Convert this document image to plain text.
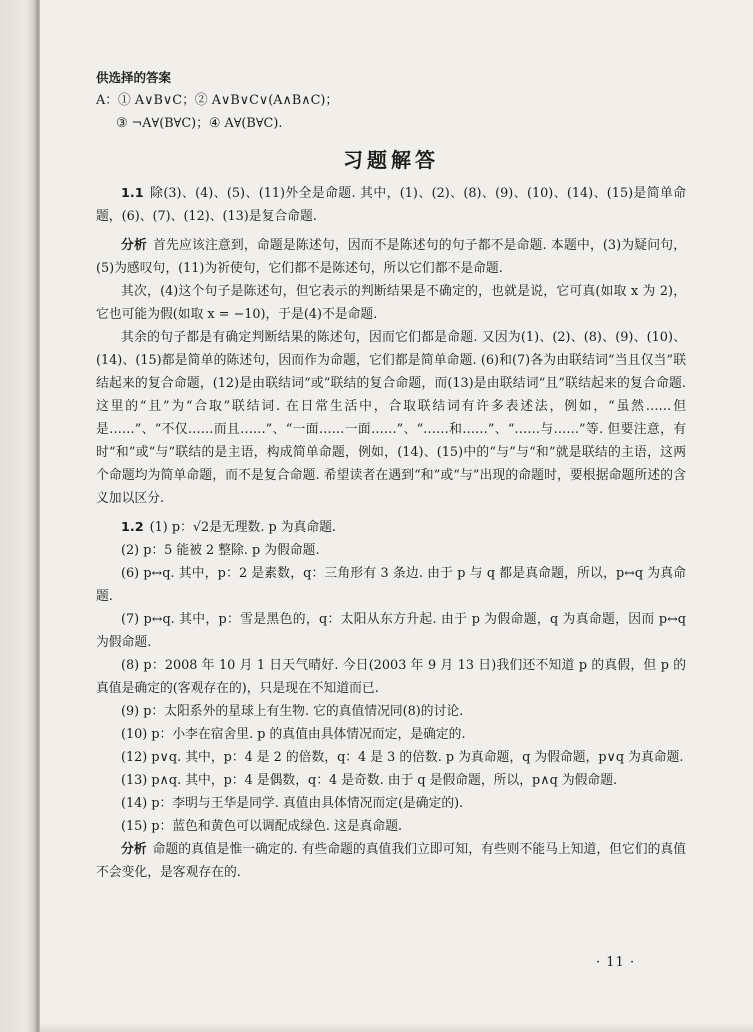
供选择的答案

A：① A∨B∨C；② A∨B∨C∨(A∧B∧C)；

③ ¬A∀(B∀C)；④ A∀(B∀C).

习题解答

1.1 除(3)、(4)、(5)、(11)外全是命题. 其中，(1)、(2)、(8)、(9)、(10)、(14)、(15)是简单命题，(6)、(7)、(12)、(13)是复合命题.

分析 首先应该注意到，命题是陈述句，因而不是陈述句的句子都不是命题. 本题中，(3)为疑问句，(5)为感叹句，(11)为祈使句，它们都不是陈述句，所以它们都不是命题.

其次，(4)这个句子是陈述句，但它表示的判断结果是不确定的，也就是说，它可真(如取 x 为 2)，它也可能为假(如取 x = −10)，于是(4)不是命题.

其余的句子都是有确定判断结果的陈述句，因而它们都是命题. 又因为(1)、(2)、(8)、(9)、(10)、(14)、(15)都是简单的陈述句，因而作为命题，它们都是简单命题. (6)和(7)各为由联结词“当且仅当”联结起来的复合命题，(12)是由联结词“或”联结的复合命题，而(13)是由联结词“且”联结起来的复合命题. 这里的“且”为“合取”联结词. 在日常生活中，合取联结词有许多表述法，例如，“虽然……但是……”、“不仅……而且……”、“一面……一面……”、“……和……”、“……与……”等. 但要注意，有时“和”或“与”联结的是主语，构成简单命题，例如，(14)、(15)中的“与”与“和”就是联结的主语，这两个命题均为简单命题，而不是复合命题. 希望读者在遇到“和”或“与”出现的命题时，要根据命题所述的含义加以区分.

1.2 (1) p：√2是无理数. p 为真命题.

(2) p：5 能被 2 整除. p 为假命题.

(6) p↔q. 其中，p：2 是素数，q：三角形有 3 条边. 由于 p 与 q 都是真命题，所以，p↔q 为真命题.

(7) p↔q. 其中，p：雪是黑色的，q：太阳从东方升起. 由于 p 为假命题，q 为真命题，因而 p↔q 为假命题.

(8) p：2008 年 10 月 1 日天气晴好. 今日(2003 年 9 月 13 日)我们还不知道 p 的真假，但 p 的真值是确定的(客观存在的)，只是现在不知道而已.

(9) p：太阳系外的星球上有生物. 它的真值情况同(8)的讨论.

(10) p：小李在宿舍里. p 的真值由具体情况而定，是确定的.

(12) p∨q. 其中，p：4 是 2 的倍数，q：4 是 3 的倍数. p 为真命题，q 为假命题，p∨q 为真命题.

(13) p∧q. 其中，p：4 是偶数，q：4 是奇数. 由于 q 是假命题，所以，p∧q 为假命题.

(14) p：李明与王华是同学. 真值由具体情况而定(是确定的).

(15) p：蓝色和黄色可以调配成绿色. 这是真命题.

分析 命题的真值是惟一确定的. 有些命题的真值我们立即可知，有些则不能马上知道，但它们的真值不会变化，是客观存在的.

· 11 ·
